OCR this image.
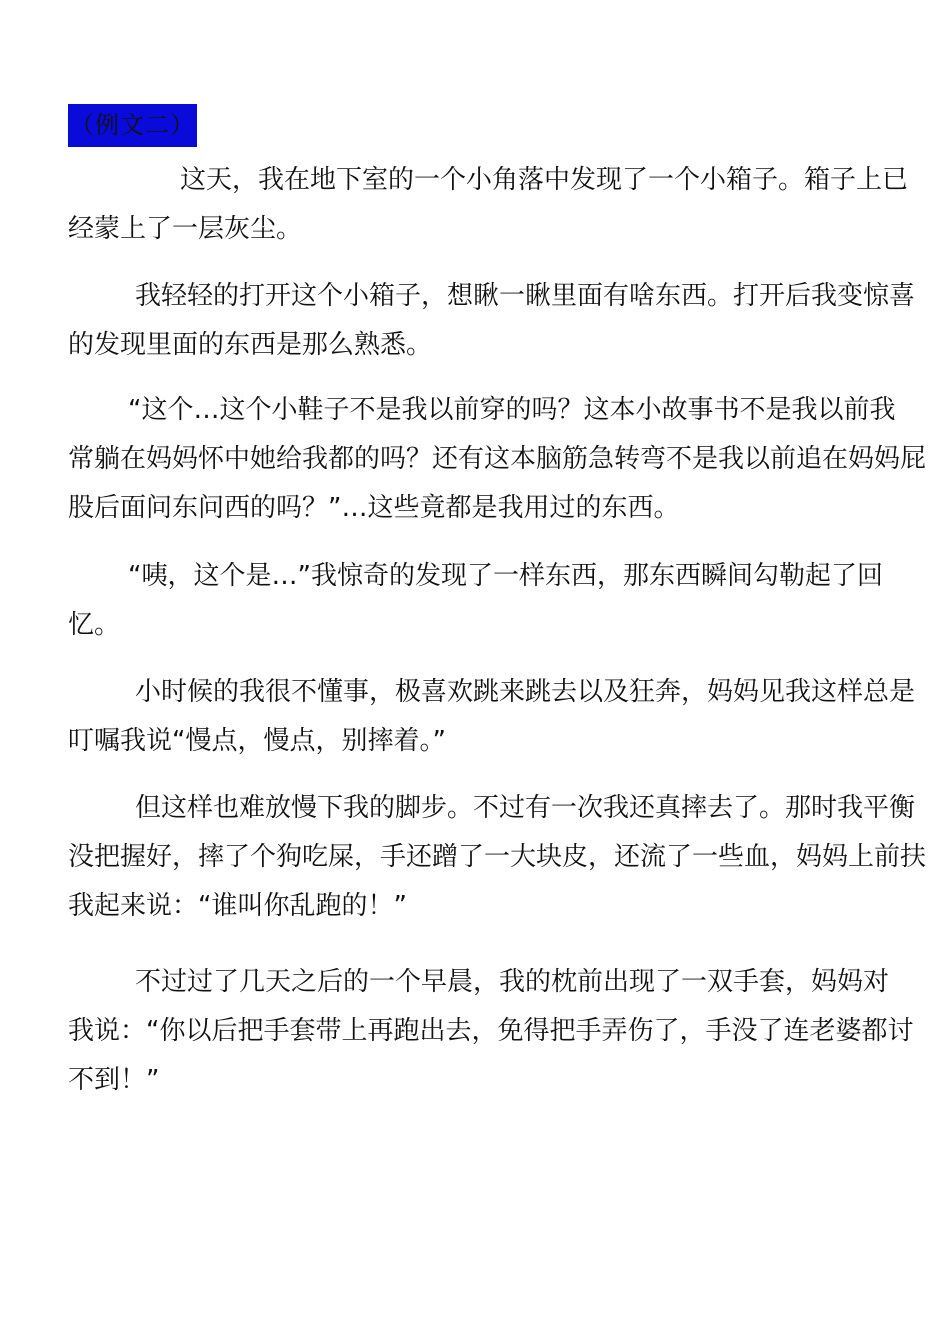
（例文二）
这天，我在地下室的一个小角落中发现了一个小箱子。箱子上已
经蒙上了一层灰尘。
我轻轻的打开这个小箱子，想瞅一瞅里面有啥东西。打开后我变惊喜
的发现里面的东西是那么熟悉。
“这个…这个小鞋子不是我以前穿的吗？这本小故事书不是我以前我
常躺在妈妈怀中她给我都的吗？还有这本脑筋急转弯不是我以前追在妈妈屁
股后面问东问西的吗？”…这些竟都是我用过的东西。
“咦，这个是…”我惊奇的发现了一样东西，那东西瞬间勾勒起了回
忆。
小时候的我很不懂事，极喜欢跳来跳去以及狂奔，妈妈见我这样总是
叮嘱我说“慢点，慢点，别摔着。”
但这样也难放慢下我的脚步。不过有一次我还真摔去了。那时我平衡
没把握好，摔了个狗吃屎，手还蹭了一大块皮，还流了一些血，妈妈上前扶
我起来说：“谁叫你乱跑的！”
不过过了几天之后的一个早晨，我的枕前出现了一双手套，妈妈对
我说：“你以后把手套带上再跑出去，免得把手弄伤了，手没了连老婆都讨
不到！”
